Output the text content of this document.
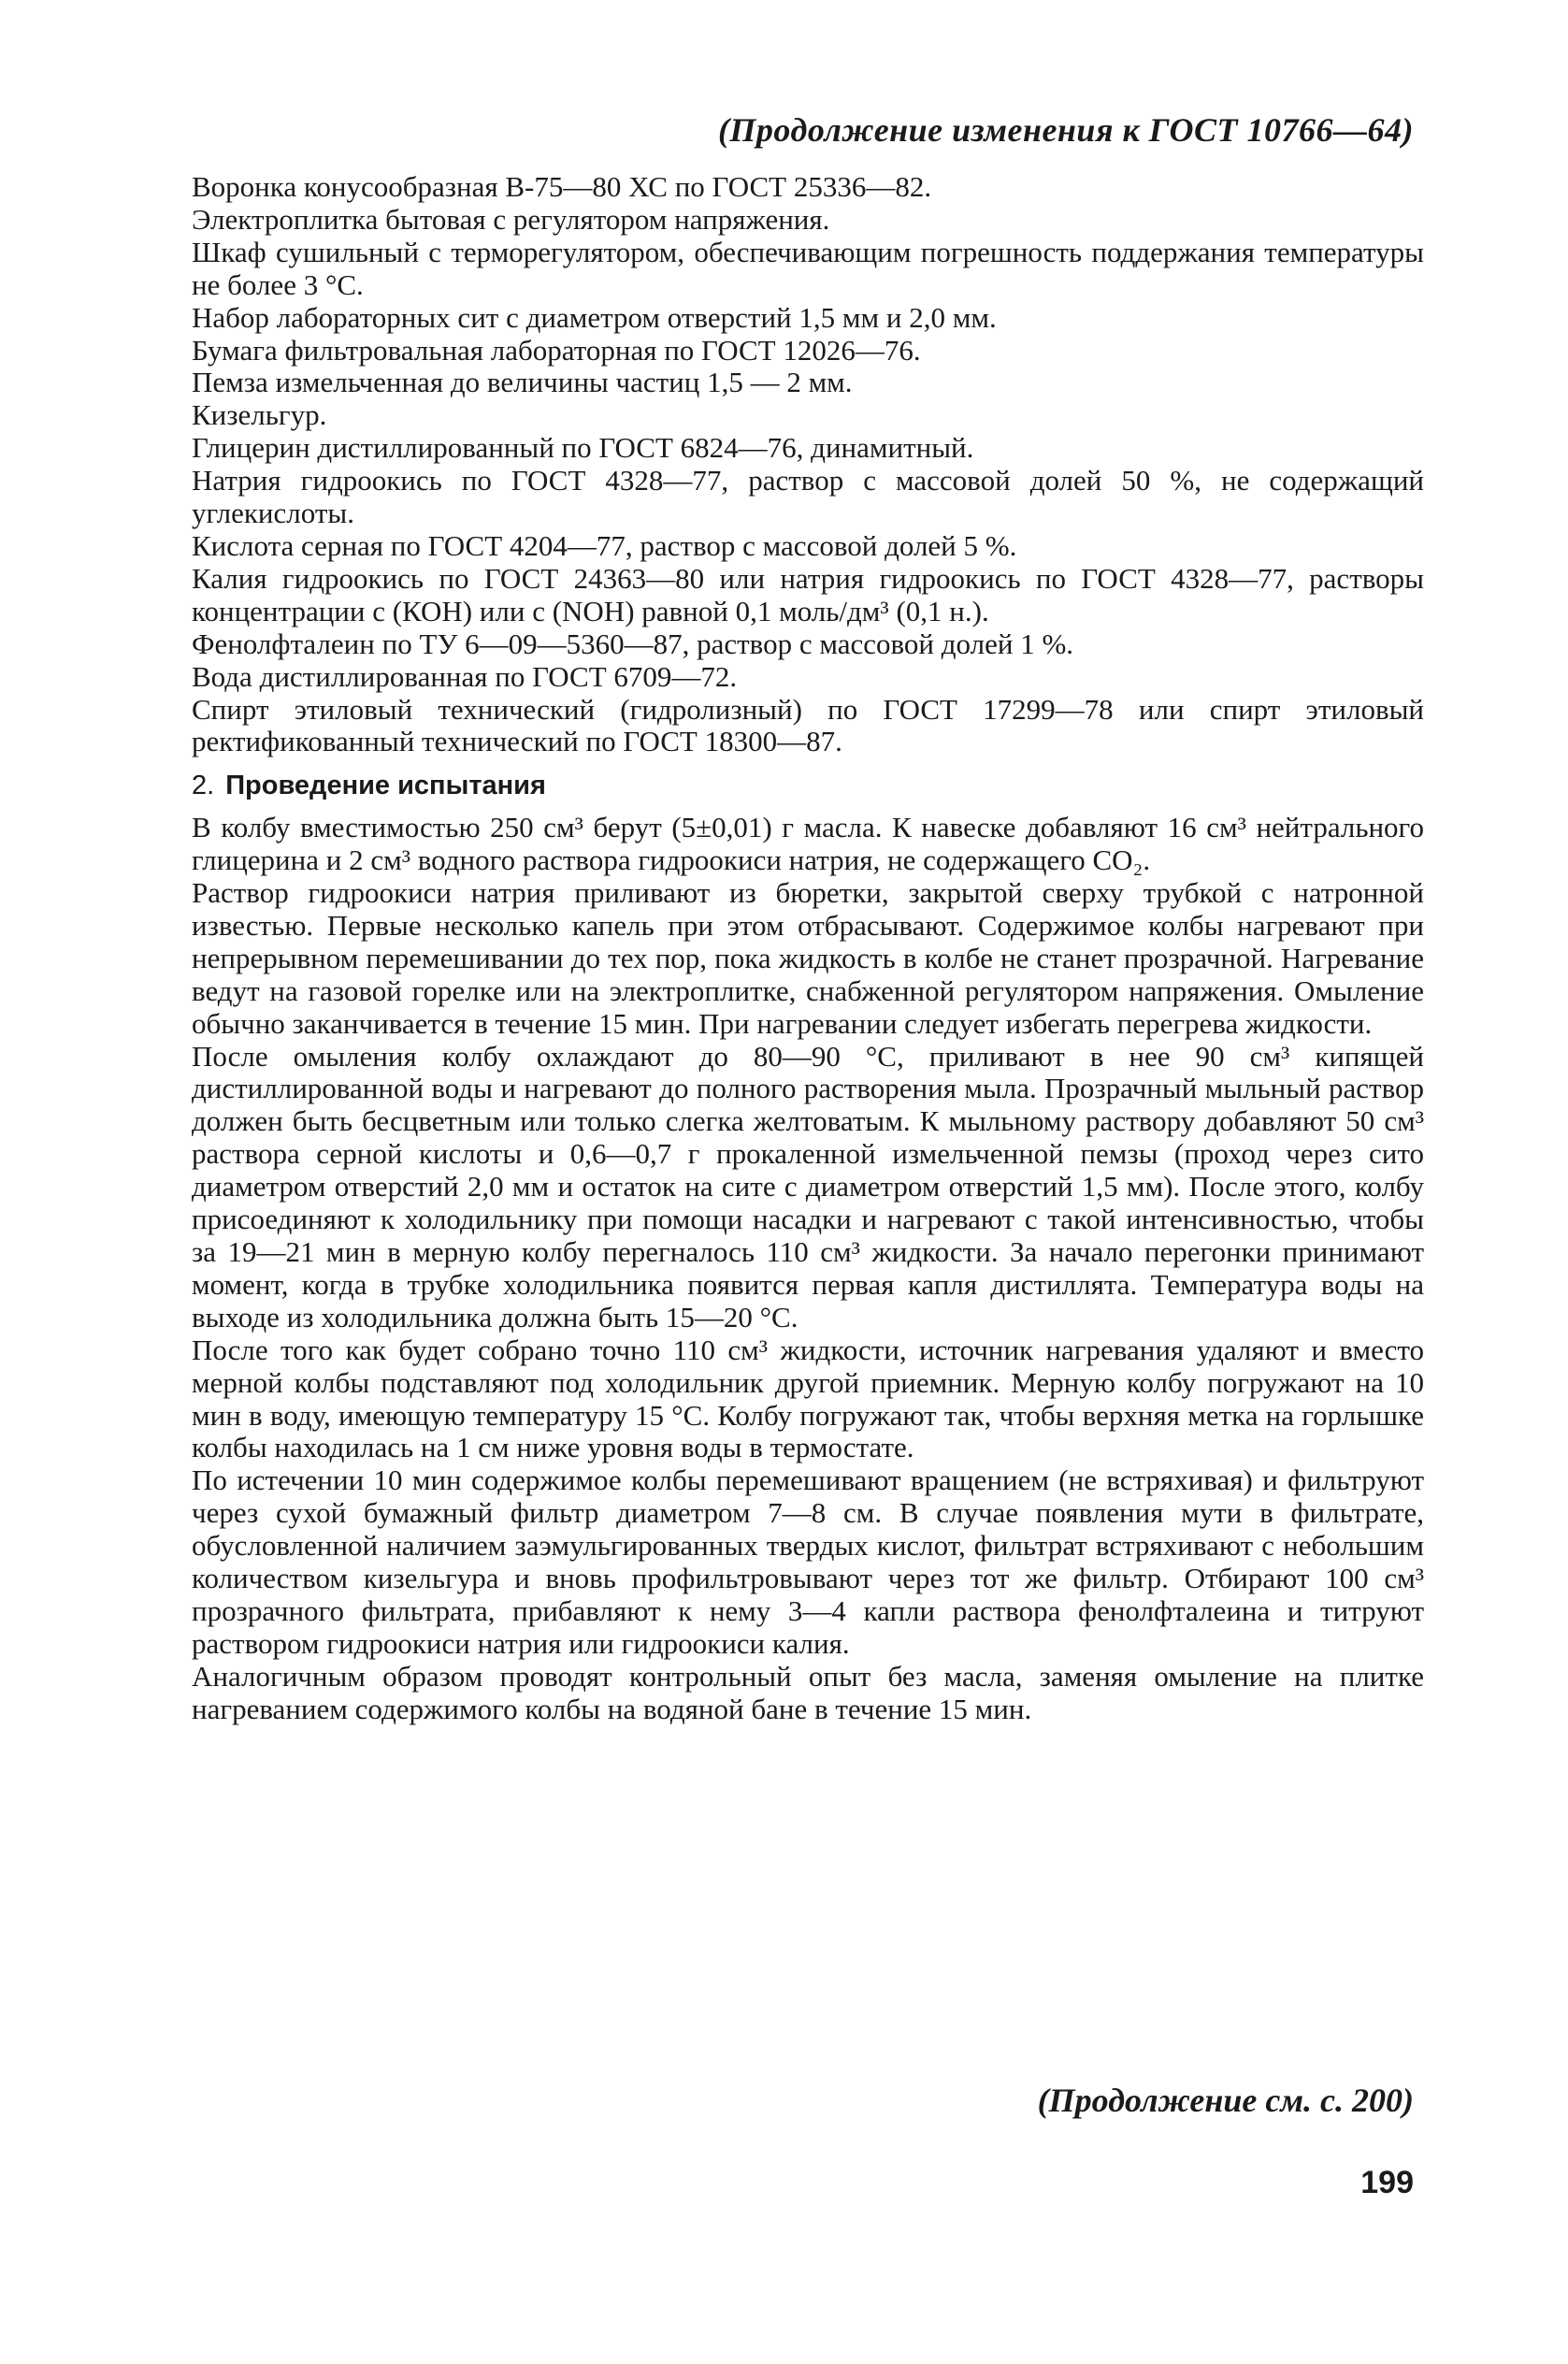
(Продолжение изменения к ГОСТ 10766—64)

Воронка конусообразная В-75—80 ХС по ГОСТ 25336—82.

Электроплитка бытовая с регулятором напряжения.

Шкаф сушильный с терморегулятором, обеспечивающим погрешность поддержания температуры не более 3 °С.

Набор лабораторных сит с диаметром отверстий 1,5 мм и 2,0 мм.

Бумага фильтровальная лабораторная по ГОСТ 12026—76.

Пемза измельченная до величины частиц 1,5 — 2 мм.

Кизельгур.

Глицерин дистиллированный по ГОСТ 6824—76, динамитный.

Натрия гидроокись по ГОСТ 4328—77, раствор с массовой долей 50 %, не содержащий углекислоты.

Кислота серная по ГОСТ 4204—77, раствор с массовой долей 5 %.

Калия гидроокись по ГОСТ 24363—80 или натрия гидроокись по ГОСТ 4328—77, растворы концентрации с (КОН) или с (NOH) равной 0,1 моль/дм³ (0,1 н.).

Фенолфталеин по ТУ 6—09—5360—87, раствор с массовой долей 1 %.

Вода дистиллированная по ГОСТ 6709—72.

Спирт этиловый технический (гидролизный) по ГОСТ 17299—78 или спирт этиловый ректификованный технический по ГОСТ 18300—87.

2. Проведение испытания

В колбу вместимостью 250 см³ берут (5±0,01) г масла. К навеске добавляют 16 см³ нейтрального глицерина и 2 см³ водного раствора гидроокиси натрия, не содержащего CO₂.

Раствор гидроокиси натрия приливают из бюретки, закрытой сверху трубкой с натронной известью. Первые несколько капель при этом отбрасывают. Содержимое колбы нагревают при непрерывном перемешивании до тех пор, пока жидкость в колбе не станет прозрачной. Нагревание ведут на газовой горелке или на электроплитке, снабженной регулятором напряжения. Омыление обычно заканчивается в течение 15 мин. При нагревании следует избегать перегрева жидкости.

После омыления колбу охлаждают до 80—90 °С, приливают в нее 90 см³ кипящей дистиллированной воды и нагревают до полного растворения мыла. Прозрачный мыльный раствор должен быть бесцветным или только слегка желтоватым. К мыльному раствору добавляют 50 см³ раствора серной кислоты и 0,6—0,7 г прокаленной измельченной пемзы (проход через сито диаметром отверстий 2,0 мм и остаток на сите с диаметром отверстий 1,5 мм). После этого, колбу присоединяют к холодильнику при помощи насадки и нагревают с такой интенсивностью, чтобы за 19—21 мин в мерную колбу перегналось 110 см³ жидкости. За начало перегонки принимают момент, когда в трубке холодильника появится первая капля дистиллята. Температура воды на выходе из холодильника должна быть 15—20 °С.

После того как будет собрано точно 110 см³ жидкости, источник нагревания удаляют и вместо мерной колбы подставляют под холодильник другой приемник. Мерную колбу погружают на 10 мин в воду, имеющую температуру 15 °С. Колбу погружают так, чтобы верхняя метка на горлышке колбы находилась на 1 см ниже уровня воды в термостате.

По истечении 10 мин содержимое колбы перемешивают вращением (не встряхивая) и фильтруют через сухой бумажный фильтр диаметром 7—8 см. В случае появления мути в фильтрате, обусловленной наличием заэмульгированных твердых кислот, фильтрат встряхивают с небольшим количеством кизельгура и вновь профильтровывают через тот же фильтр. Отбирают 100 см³ прозрачного фильтрата, прибавляют к нему 3—4 капли раствора фенолфталеина и титруют раствором гидроокиси натрия или гидроокиси калия.

Аналогичным образом проводят контрольный опыт без масла, заменяя омыление на плитке нагреванием содержимого колбы на водяной бане в течение 15 мин.

(Продолжение см. с. 200)
199
